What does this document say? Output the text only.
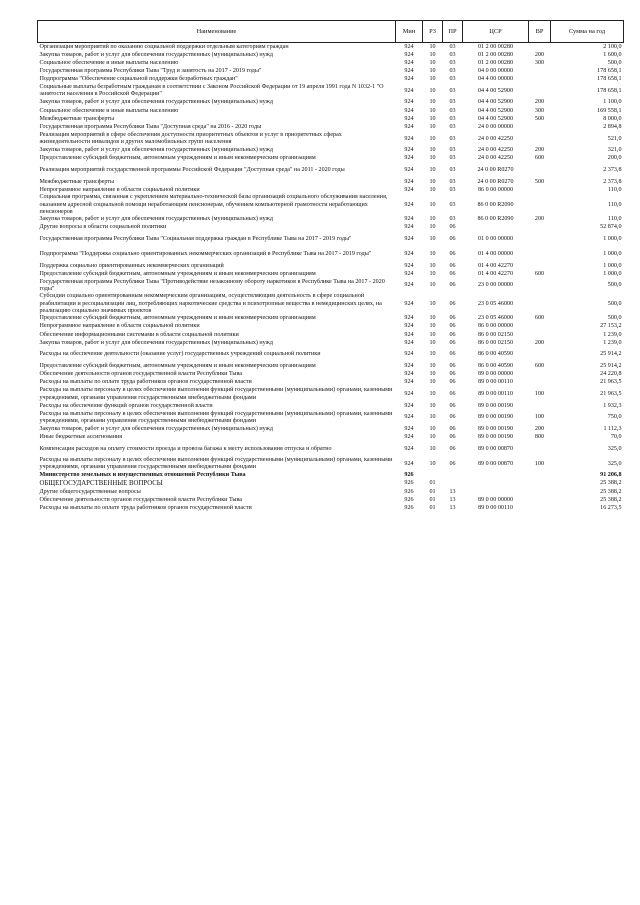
Наименование	Мин	РЗ	ПР	ЦСР	ВР	Сумма на год
Организация мероприятий по оказанию социальной поддержки отдельным категориям граждан	924	10	03	01 2 00 00280		2 100,0
Закупка товаров, работ и услуг для обеспечения государственных (муниципальных) нужд	924	10	03	01 2 00 00280	200	1 600,0
Социальное обеспечение и иные выплаты населению	924	10	03	01 2 00 00280	300	500,0
Государственная программа Республики Тыва "Труд и занятость на 2017 - 2019 годы"	924	10	03	04 0 00 00000		178 658,1
Подпрограмма "Обеспечение социальной поддержки безработных граждан"	924	10	03	04 4 00 00000		178 658,1
Социальные выплаты безработным гражданам в соответствии с Законом Российской Федерации от 19 апреля 1991 года N 1032-1 "О занятости населения в Российской Федерации"	924	10	03	04 4 00 52900		178 658,1
Закупка товаров, работ и услуг для обеспечения государственных (муниципальных) нужд	924	10	03	04 4 00 52900	200	1 100,0
Социальное обеспечение и иные выплаты населению	924	10	03	04 4 00 52900	300	169 558,1
Межбюджетные трансферты	924	10	03	04 4 00 52900	500	8 000,0
Государственная программа Республики Тыва "Доступная среда" на 2016 - 2020 годы	924	10	03	24 0 00 00000		2 894,8
Реализация мероприятий в сфере обеспечения доступности приоритетных объектов и услуг в приоритетных сферах жизнедеятельности инвалидов и других маломобильных групп населения	924	10	03	24 0 00 42250		521,0
Закупка товаров, работ и услуг для обеспечения государственных (муниципальных) нужд	924	10	03	24 0 00 42250	200	321,0
Предоставление субсидий бюджетным, автономным учреждениям и иным некоммерческим организациям	924	10	03	24 0 00 42250	600	200,0
Реализация мероприятий государственной программы Российской Федерации "Доступная среда" на 2011 - 2020 годы	924	10	03	24 0 00 R0270		2 373,8
Межбюджетные трансферты	924	10	03	24 0 00 R0270	500	2 373,8
Непрограммное направление в области социальной политики	924	10	03	86 0 00 00000		110,0
Социальная программа, связанная с укреплением материально-технической базы организаций социального обслуживания населения, оказанием адресной социальной помощи неработающим пенсионерам, обучением компьютерной грамотности неработающих пенсионеров	924	10	03	86 0 00 R2090		110,0
Закупка товаров, работ и услуг для обеспечения государственных (муниципальных) нужд	924	10	03	86 0 00 R2090	200	110,0
Другие вопросы в области социальной политики	924	10	06			52 874,0
Государственная программа Республики Тыва "Социальная поддержка граждан в Республике Тыва на 2017 - 2019 годы"	924	10	06	01 0 00 00000		1 000,0
Подпрограмма "Поддержка социально ориентированных некоммерческих организаций в Республике Тыва на 2017 - 2019 годы"	924	10	06	01 4 00 00000		1 000,0
Поддержка социально ориентированных некоммерческих организаций	924	10	06	01 4 00 42270		1 000,0
Предоставление субсидий бюджетным, автономным учреждениям и иным некоммерческим организациям	924	10	06	01 4 00 42270	600	1 000,0
Государственная программа Республики Тыва "Противодействие незаконному обороту наркотиков в Республике Тыва на 2017 - 2020 годы"	924	10	06	23 0 00 00000		500,0
Субсидии социально ориентированным некоммерческим организациям, осуществляющим деятельность в сфере социальной реабилитации и ресоциализации лиц, потребляющих наркотические средства и психотропные вещества в немедицинских целях, на реализацию социально значимых проектов	924	10	06	23 0 05 46000		500,0
Предоставление субсидий бюджетным, автономным учреждениям и иным некоммерческим организациям	924	10	06	23 0 05 46000	600	500,0
Непрограммное направление в области социальной политики	924	10	06	86 0 00 00000		27 153,2
Обеспечение информационными системами в области социальной политики	924	10	06	86 0 00 02150		1 239,0
Закупка товаров, работ и услуг для обеспечения государственных (муниципальных) нужд	924	10	06	86 0 00 02150	200	1 239,0
Расходы на обеспечение деятельности (оказание услуг) государственных учреждений социальной политики	924	10	06	86 0 00 40590		25 914,2
Предоставление субсидий бюджетным, автономным учреждениям и иным некоммерческим организациям	924	10	06	86 0 00 40590	600	25 914,2
Обеспечение деятельности органов государственной власти Республики Тыва	924	10	06	89 0 00 00000		24 220,8
Расходы на выплаты по оплате труда работников органов государственной власти	924	10	06	89 0 00 00110		21 963,5
Расходы на выплаты персоналу в целях обеспечения выполнения функций государственными (муниципальными) органами, казенными учреждениями, органами управления государственными внебюджетными фондами	924	10	06	89 0 00 00110	100	21 963,5
Расходы на обеспечение функций органов государственной власти	924	10	06	89 0 00 00190		1 932,3
Расходы на выплаты персоналу в целях обеспечения выполнения функций государственными (муниципальными) органами, казенными учреждениями, органами управления государственными внебюджетными фондами	924	10	06	89 0 00 00190	100	750,0
Закупка товаров, работ и услуг для обеспечения государственных (муниципальных) нужд	924	10	06	89 0 00 00190	200	1 112,3
Иные бюджетные ассигнования	924	10	06	89 0 00 00190	800	70,0
Компенсация расходов на оплату стоимости проезда и провоза багажа к месту использования отпуска и обратно	924	10	06	89 0 00 00870		325,0
Расходы на выплаты персоналу в целях обеспечения выполнения функций государственными (муниципальными) органами, казенными учреждениями, органами управления государственными внебюджетными фондами	924	10	06	89 0 00 00870	100	325,0
Министерство земельных и имущественных отношений Республики Тыва	926					91 206,8
ОБЩЕГОСУДАРСТВЕННЫЕ ВОПРОСЫ	926	01				25 388,2
Другие общегосударственные вопросы	926	01	13			25 388,2
Обеспечение деятельности органов государственной власти Республики Тыва	926	01	13	89 0 00 00000		25 388,2
Расходы на выплаты по оплате труда работников органов государственной власти	926	01	13	89 0 00 00110		16 273,5
